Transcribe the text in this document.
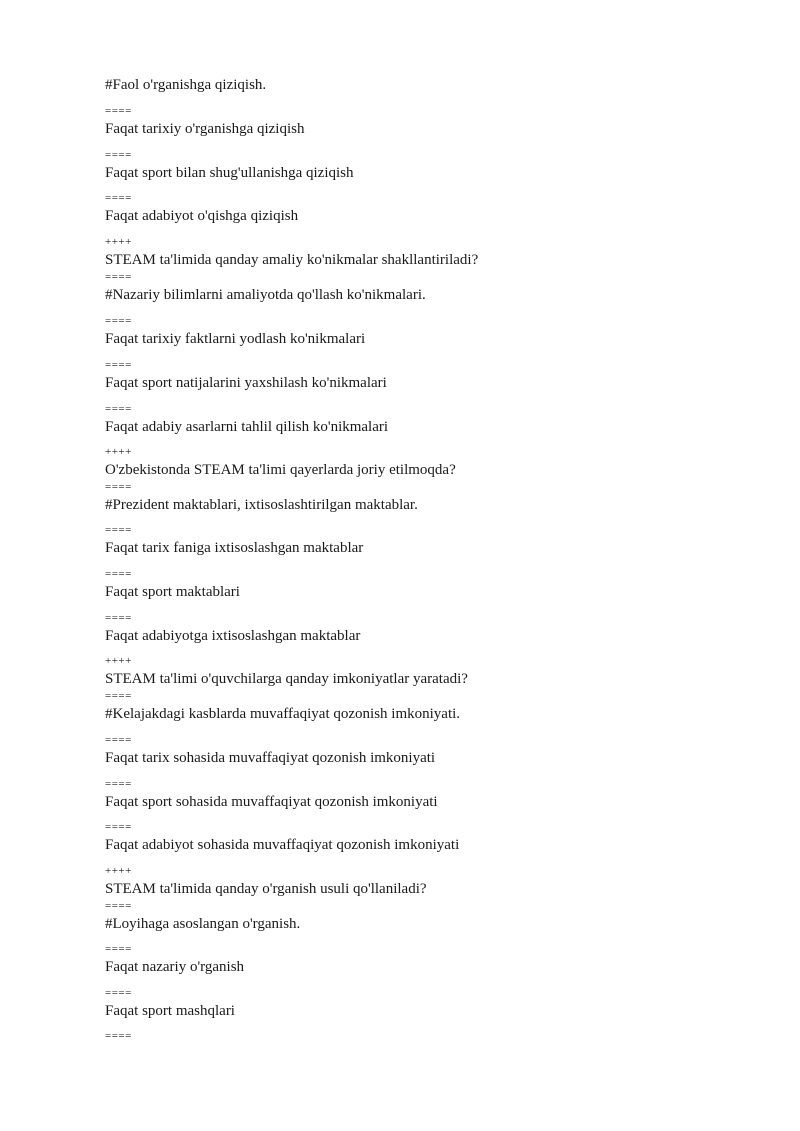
#Faol o'rganishga qiziqish.
====
Faqat tarixiy o'rganishga qiziqish
====
Faqat sport bilan shug'ullanishga qiziqish
====
Faqat adabiyot o'qishga qiziqish
++++
STEAM ta'limida qanday amaliy ko'nikmalar shakllantiriladi?
====
#Nazariy bilimlarni amaliyotda qo'llash ko'nikmalari.
====
Faqat tarixiy faktlarni yodlash ko'nikmalari
====
Faqat sport natijalarini yaxshilash ko'nikmalari
====
Faqat adabiy asarlarni tahlil qilish ko'nikmalari
++++
O'zbekistonda STEAM ta'limi qayerlarda joriy etilmoqda?
====
#Prezident maktablari, ixtisoslashtirilgan maktablar.
====
Faqat tarix faniga ixtisoslashgan maktablar
====
Faqat sport maktablari
====
Faqat adabiyotga ixtisoslashgan maktablar
++++
STEAM ta'limi o'quvchilarga qanday imkoniyatlar yaratadi?
====
#Kelajakdagi kasblarda muvaffaqiyat qozonish imkoniyati.
====
Faqat tarix sohasida muvaffaqiyat qozonish imkoniyati
====
Faqat sport sohasida muvaffaqiyat qozonish imkoniyati
====
Faqat adabiyot sohasida muvaffaqiyat qozonish imkoniyati
++++
STEAM ta'limida qanday o'rganish usuli qo'llaniladi?
====
#Loyihaga asoslangan o'rganish.
====
Faqat nazariy o'rganish
====
Faqat sport mashqlari
====
